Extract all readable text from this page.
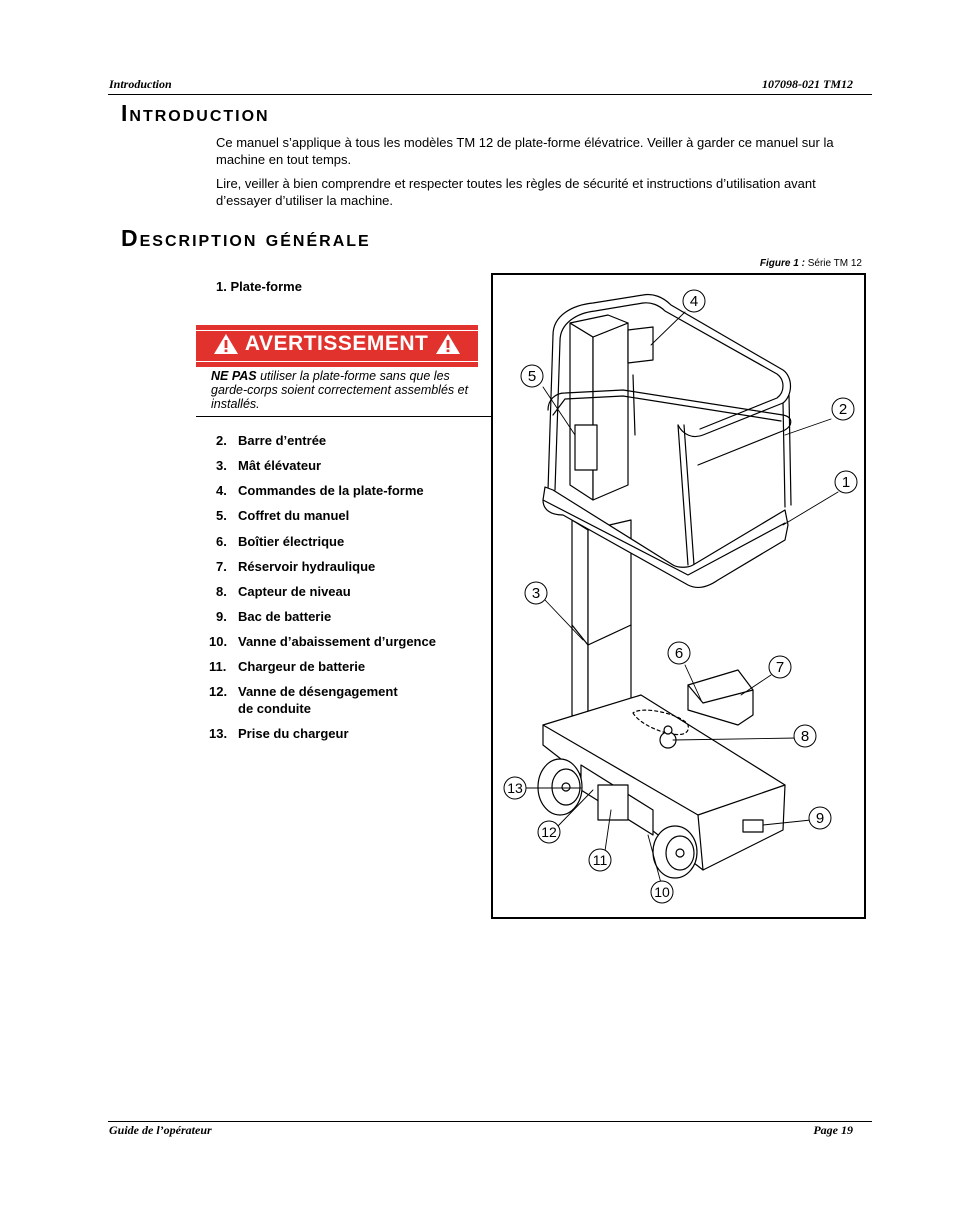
Introduction	107098-021 TM12
Introduction

Ce manuel s’applique à tous les modèles TM 12 de plate-forme élévatrice. Veiller à garder ce manuel sur la machine en tout temps.

Lire, veiller à bien comprendre et respecter toutes les règles de sécurité et instructions d’utilisation avant d’essayer d’utiliser la machine.

Description générale
Figure 1 : Série TM 12
1. Plate-forme
AVERTISSEMENT
NE PAS utiliser la plate-forme sans que les garde-corps soient correctement assemblés et installés.
2. Barre d’entrée
3. Mât élévateur
4. Commandes de la plate-forme
5. Coffret du manuel
6. Boîtier électrique
7. Réservoir hydraulique
8. Capteur de niveau
9. Bac de batterie
10. Vanne d’abaissement d’urgence
11. Chargeur de batterie
12. Vanne de désengagement
de conduite
13. Prise du chargeur
4
5
2
1
3
6
7
8
9
13
12
11
10
Guide de l’opérateur	Page 19
